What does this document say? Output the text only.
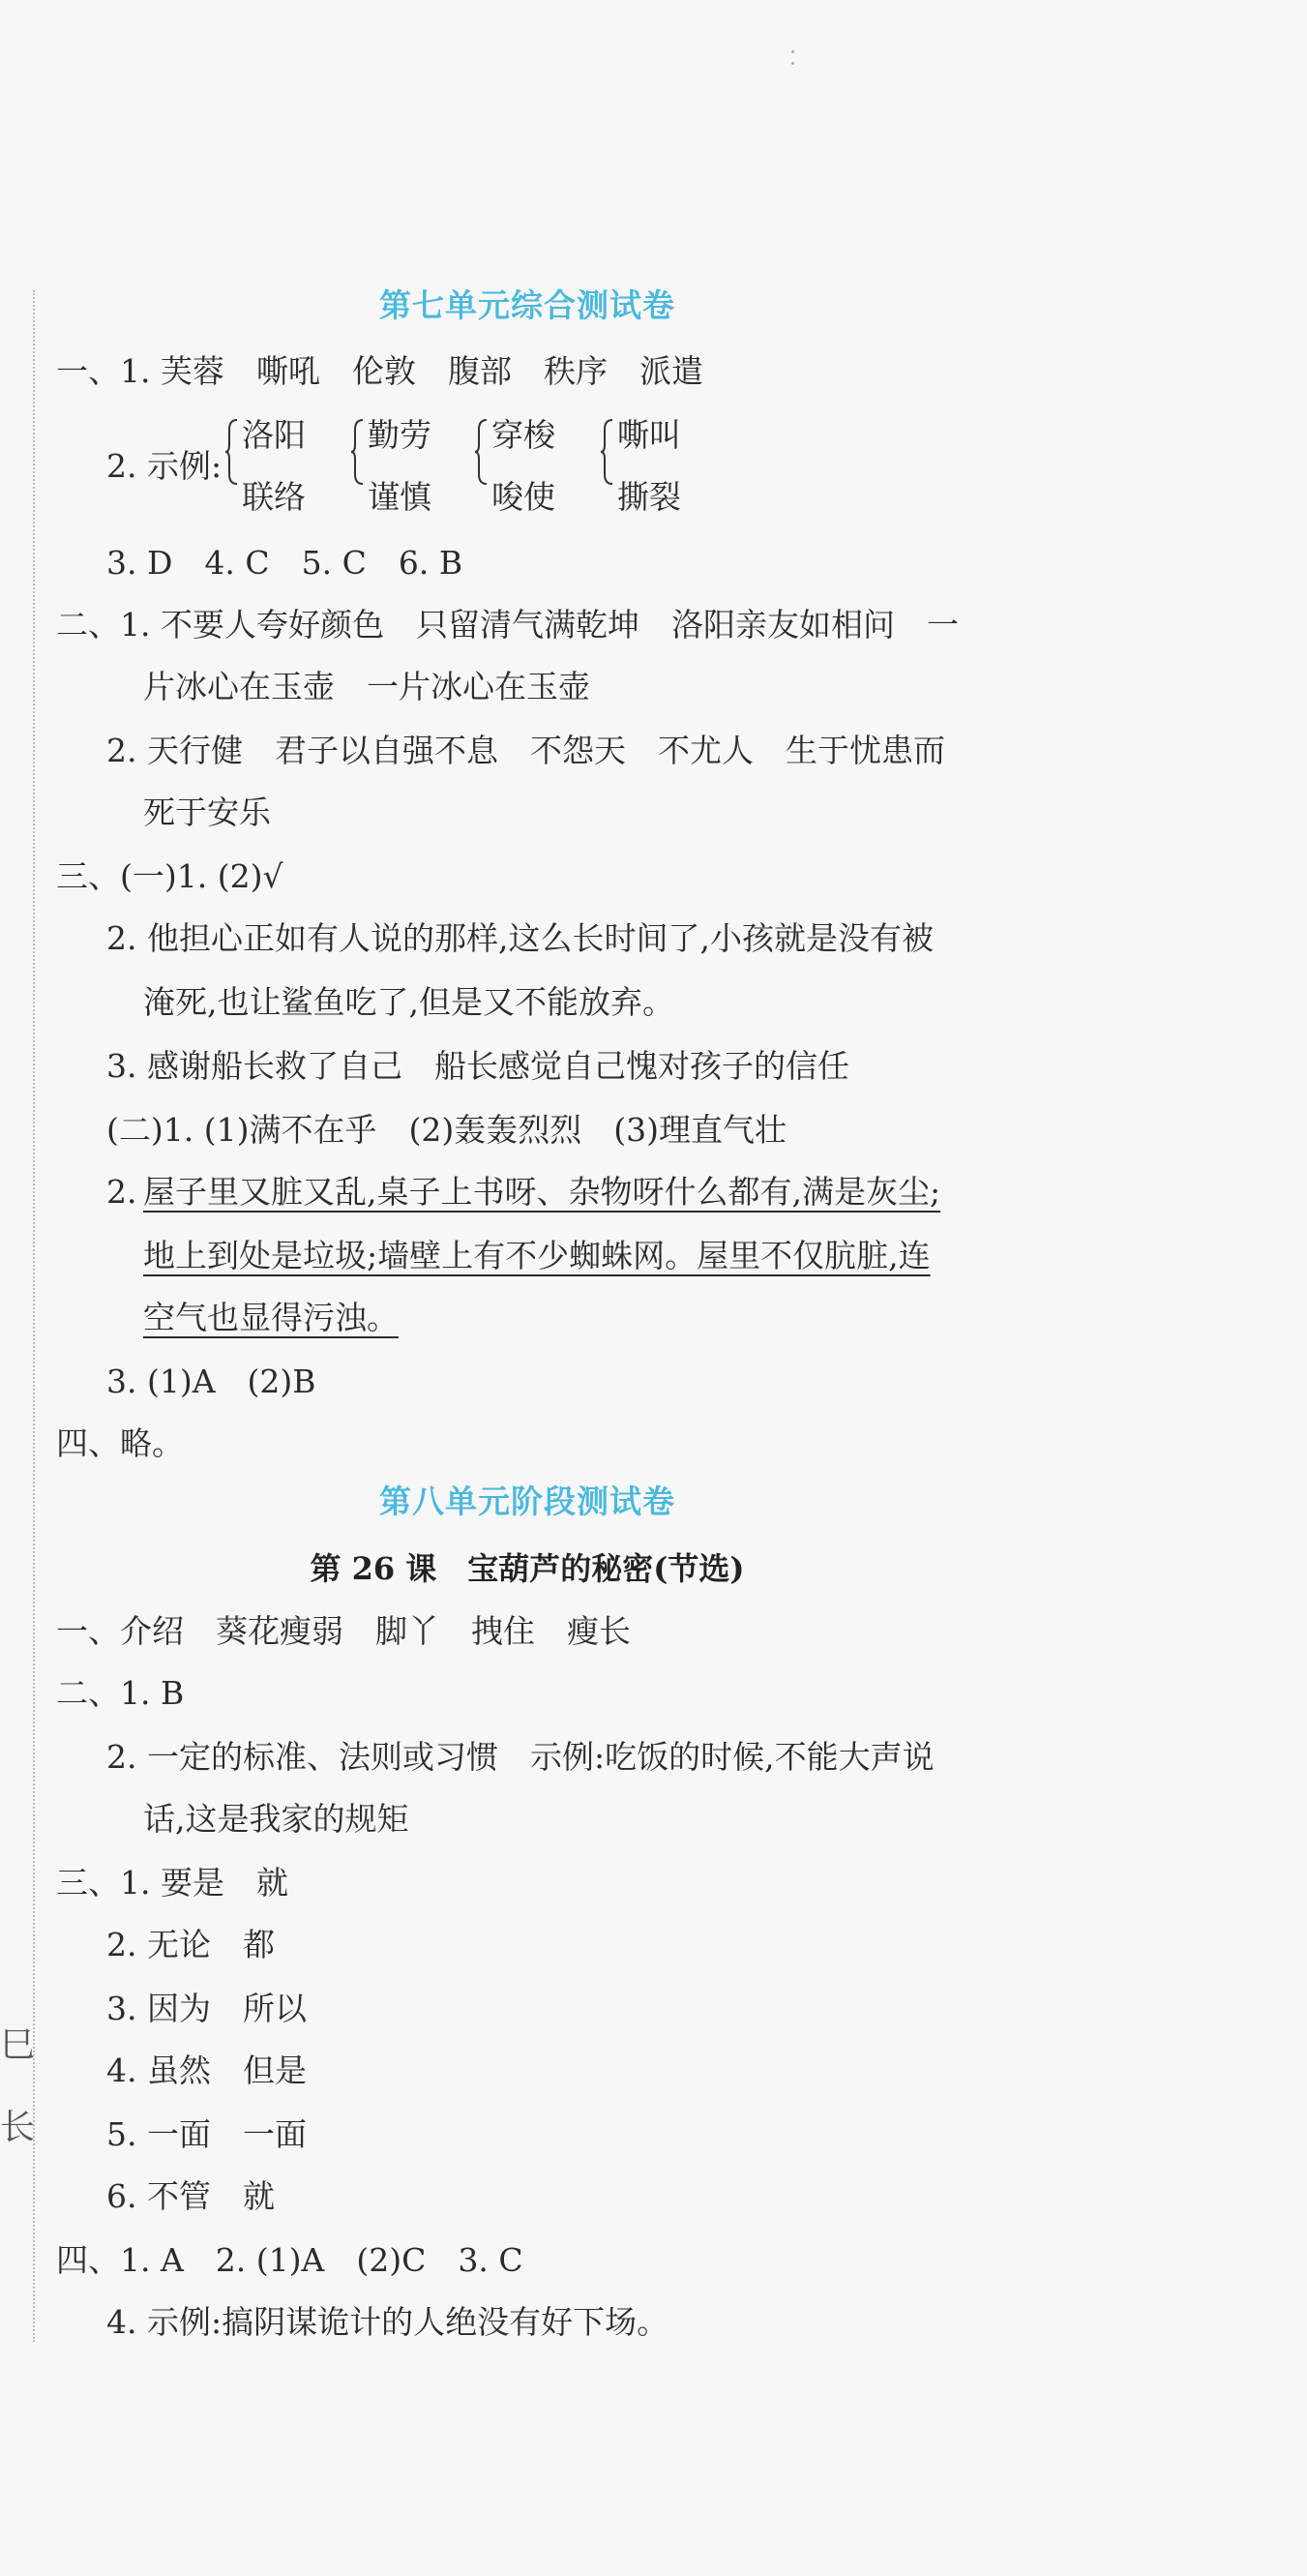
巳
长
第七单元综合测试卷
一、1. 芙蓉　嘶吼　伦敦　腹部　秩序　派遣
2. 示例:
洛阳
联络
勤劳
谨慎
穿梭
唆使
嘶叫
撕裂
3. D　4. C　5. C　6. B
二、1. 不要人夸好颜色　只留清气满乾坤　洛阳亲友如相问　一
片冰心在玉壶　一片冰心在玉壶
2. 天行健　君子以自强不息　不怨天　不尤人　生于忧患而
死于安乐
三、(一)1. (2)√
2. 他担心正如有人说的那样,这么长时间了,小孩就是没有被
淹死,也让鲨鱼吃了,但是又不能放弃。
3. 感谢船长救了自己　船长感觉自己愧对孩子的信任
(二)1. (1)满不在乎　(2)轰轰烈烈　(3)理直气壮
2.
屋子里又脏又乱,桌子上书呀、杂物呀什么都有,满是灰尘;
地上到处是垃圾;墙壁上有不少蜘蛛网。屋里不仅肮脏,连
空气也显得污浊。
3. (1)A　(2)B
四、略。
第八单元阶段测试卷
第 26 课　宝葫芦的秘密(节选)
一、介绍　葵花瘦弱　脚丫　拽住　瘦长
二、1. B
2. 一定的标准、法则或习惯　示例:吃饭的时候,不能大声说
话,这是我家的规矩
三、1. 要是　就
2. 无论　都
3. 因为　所以
4. 虽然　但是
5. 一面　一面
6. 不管　就
四、1. A　2. (1)A　(2)C　3. C
4. 示例:搞阴谋诡计的人绝没有好下场。
